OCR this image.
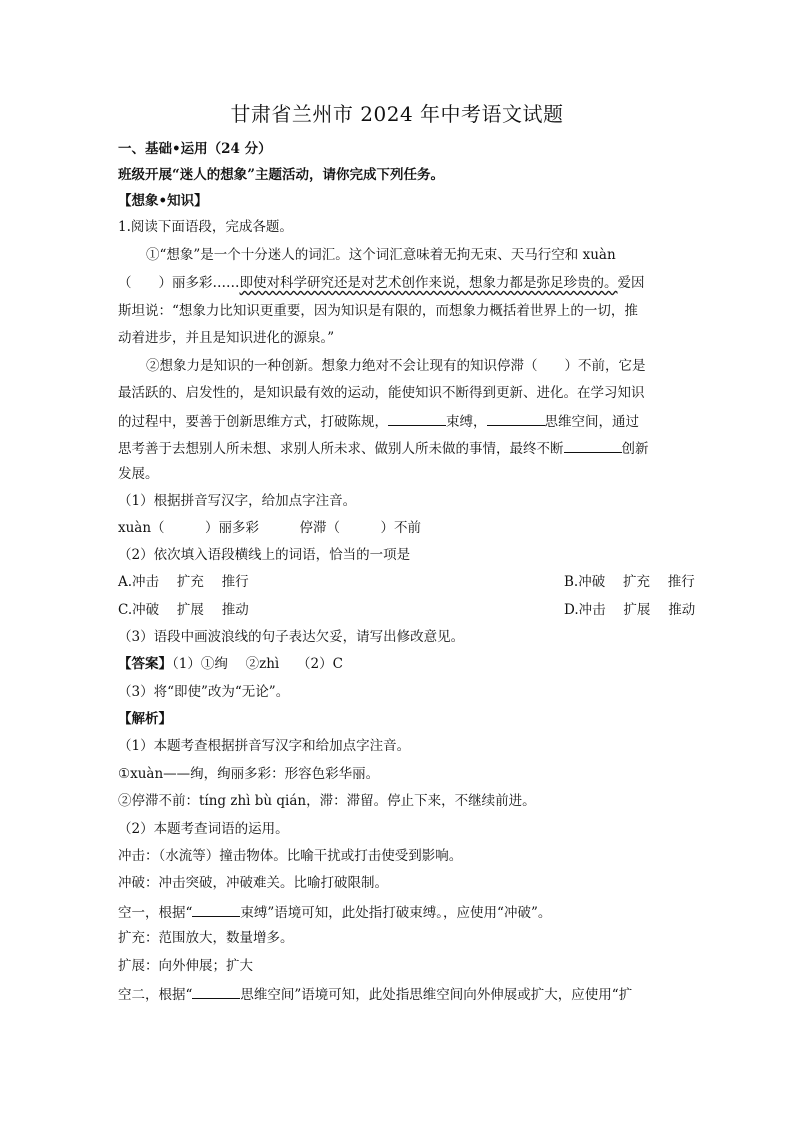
甘肃省兰州市 2024 年中考语文试题
一、基础•运用（24 分）
班级开展“迷人的想象”主题活动，请你完成下列任务。
【想象•知识】
1.阅读下面语段，完成各题。
①“想象”是一个十分迷人的词汇。这个词汇意味着无拘无束、天马行空和 xuàn
（　　）丽多彩……即使对科学研究还是对艺术创作来说，想象力都是弥足珍贵的。爱因
斯坦说：“想象力比知识更重要，因为知识是有限的，而想象力概括着世界上的一切，推
动着进步，并且是知识进化的源泉。”
②想象力是知识的一种创新。想象力绝对不会让现有的知识停滞（　　）不前，它是
最活跃的、启发性的，是知识最有效的运动，能使知识不断得到更新、进化。在学习知识
的过程中，要善于创新思维方式，打破陈规，	束缚，	思维空间，通过
思考善于去想别人所未想、求别人所未求、做别人所未做的事情，最终不断	创新
发展。
（1）根据拼音写汉字，给加点字注音。
xuàn（　　　）丽多彩　　　停滞（　　　）不前
（2）依次填入语段横线上的词语，恰当的一项是
A.冲击　 扩充　 推行	B.冲破　 扩充　 推行
C.冲破　 扩展　 推动	D.冲击　 扩展　 推动
（3）语段中画波浪线的句子表达欠妥，请写出修改意见。
【答案】（1）①绚　 ②zhì　 （2）C
（3）将“即使”改为“无论”。
【解析】
（1）本题考查根据拼音写汉字和给加点字注音。
①xuàn——绚，绚丽多彩：形容色彩华丽。
②停滞不前：tíng zhì bù qián，滞：滞留。停止下来，不继续前进。
（2）本题考查词语的运用。
冲击：（水流等）撞击物体。比喻干扰或打击使受到影响。
冲破：冲击突破，冲破难关。比喻打破限制。
空一，根据“	束缚”语境可知，此处指打破束缚。，应使用“冲破”。
扩充：范围放大，数量增多。
扩展：向外伸展；扩大
空二，根据“	思维空间”语境可知，此处指思维空间向外伸展或扩大，应使用“扩
